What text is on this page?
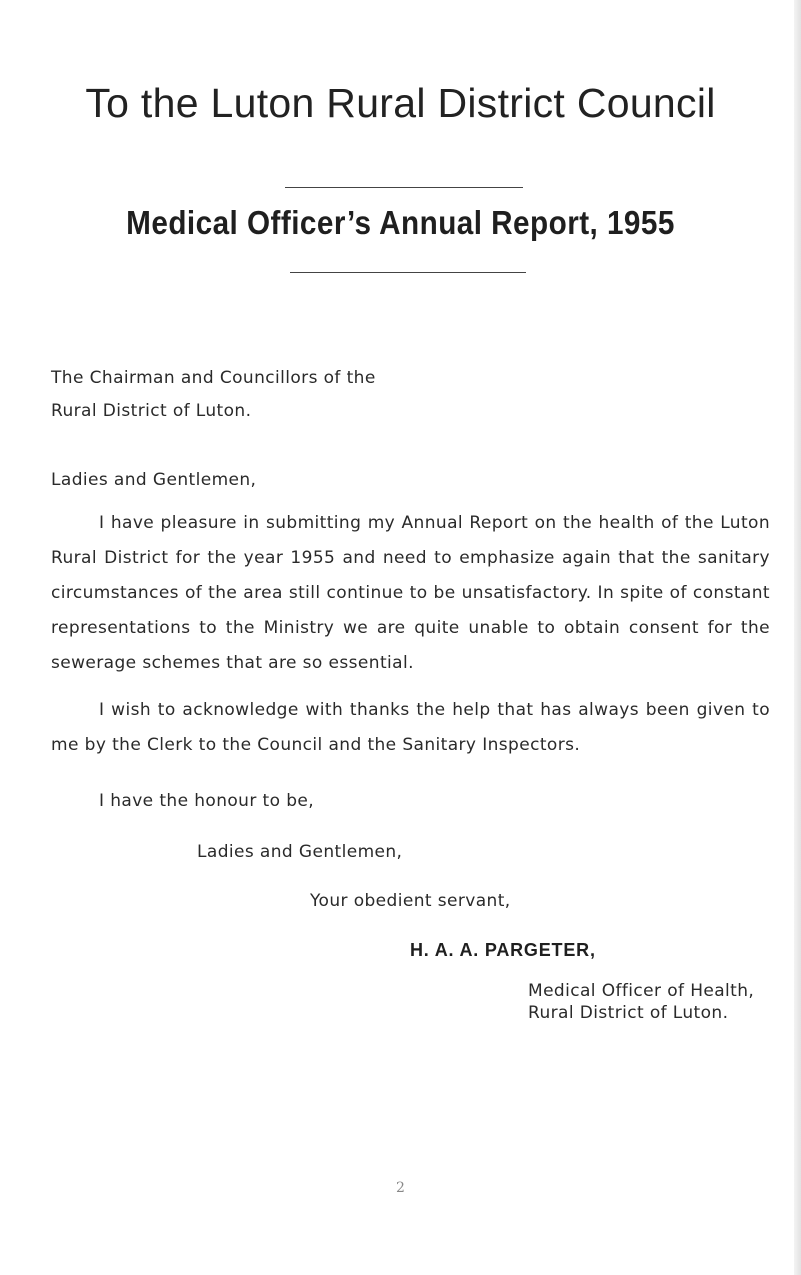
To the Luton Rural District Council
Medical Officer’s Annual Report, 1955

The Chairman and Councillors of the

Rural District of Luton.

Ladies and Gentlemen,

I have pleasure in submitting my Annual Report on the health of the Luton Rural District for the year 1955 and need to emphasize again that the sanitary circumstances of the area still continue to be unsatisfactory. In spite of constant representations to the Ministry we are quite unable to obtain consent for the sewerage schemes that are so essential.

I wish to acknowledge with thanks the help that has always been given to me by the Clerk to the Council and the Sanitary Inspectors.

I have the honour to be,

Ladies and Gentlemen,

Your obedient servant,

H. A. A. PARGETER,

Medical Officer of Health,

Rural District of Luton.

2
